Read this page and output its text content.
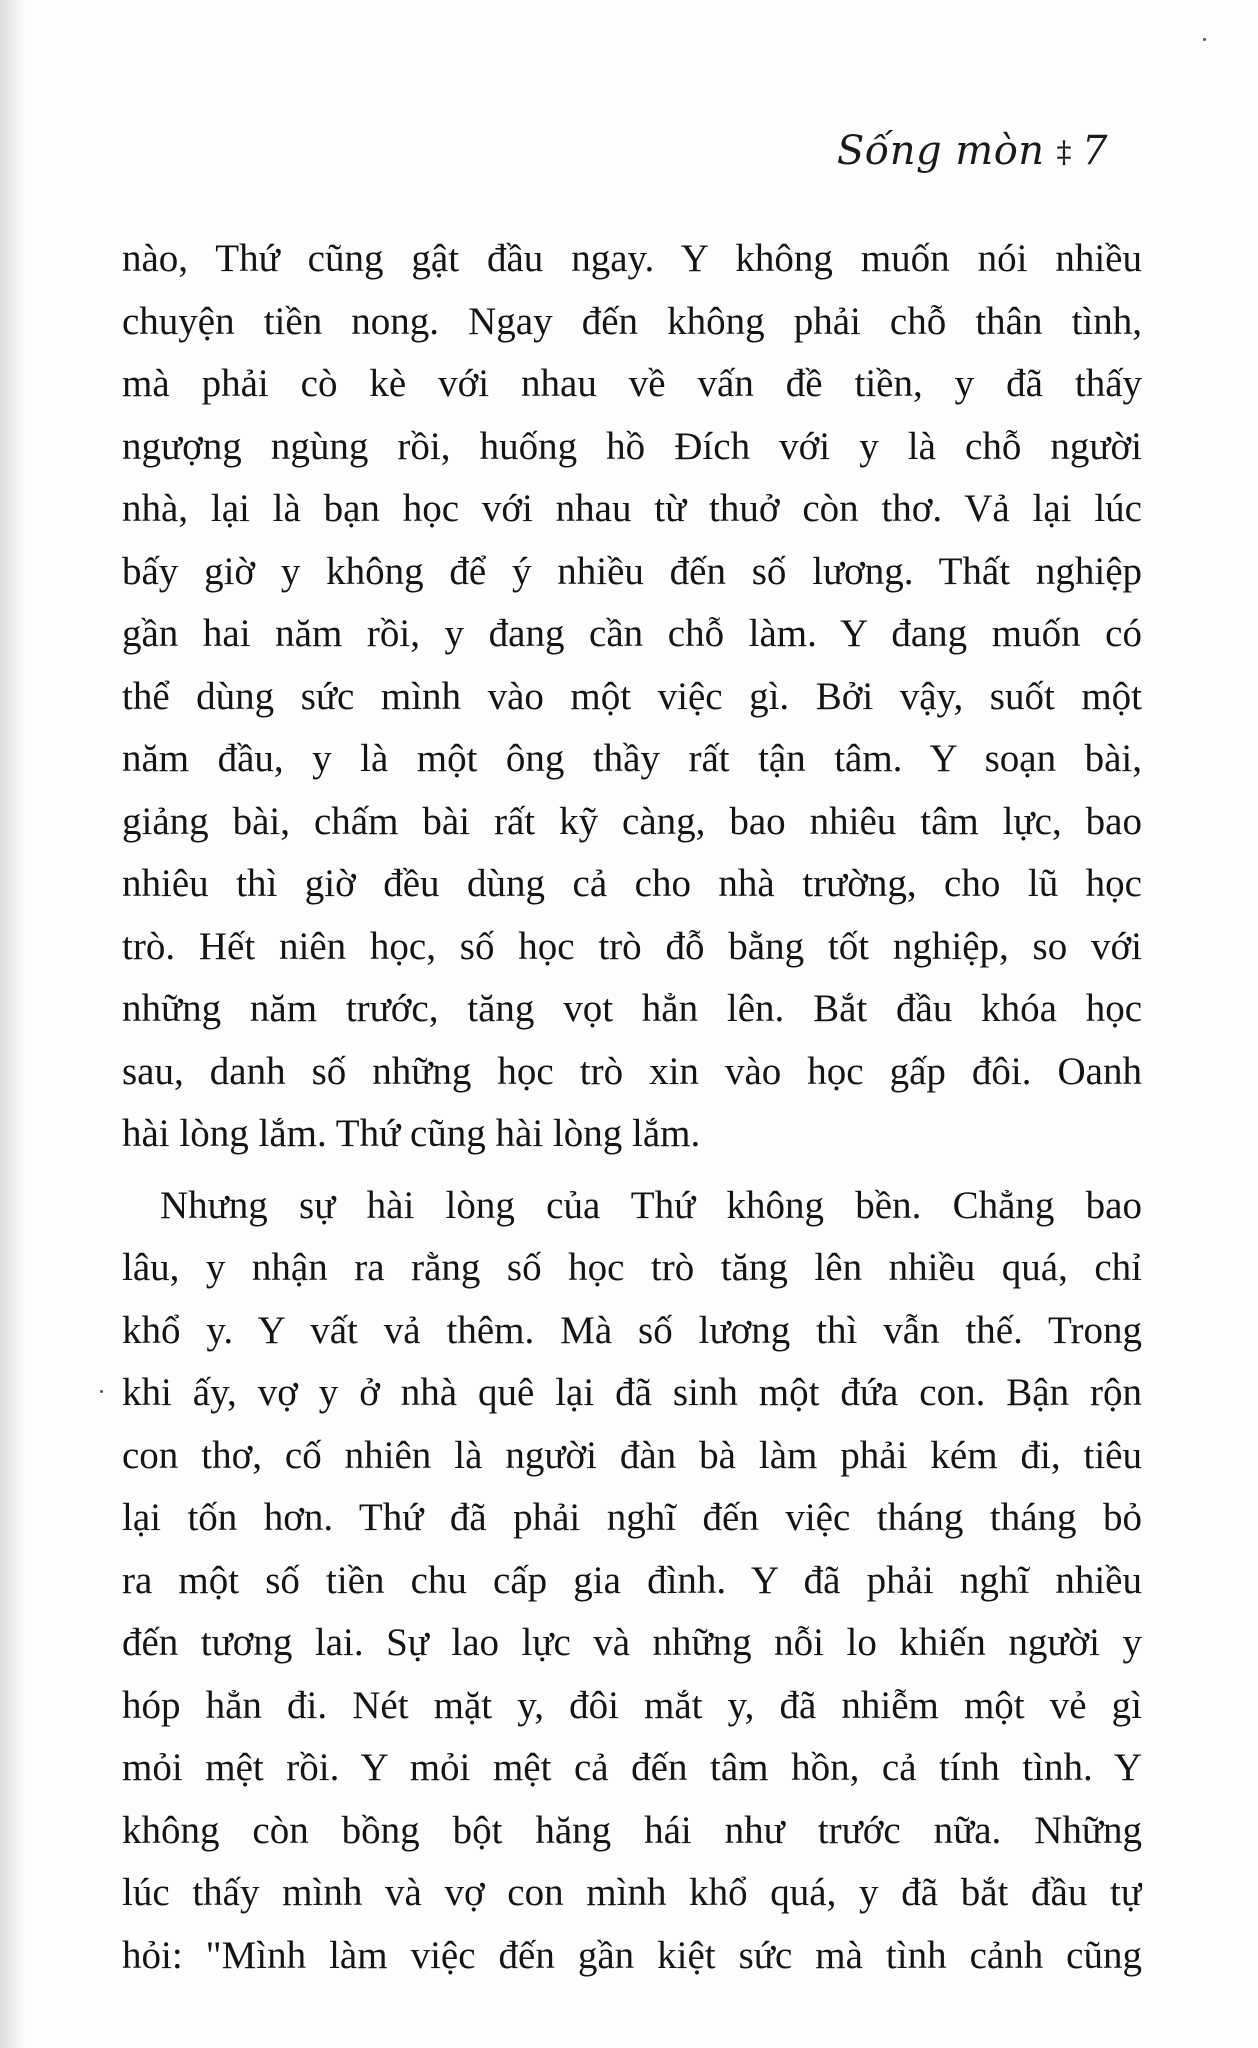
Sống mòn ‡ 7
nào, Thứ cũng gật đầu ngay. Y không muốn nói nhiều
chuyện tiền nong. Ngay đến không phải chỗ thân tình,
mà phải cò kè với nhau về vấn đề tiền, y đã thấy
ngượng ngùng rồi, huống hồ Đích với y là chỗ người
nhà, lại là bạn học với nhau từ thuở còn thơ. Vả lại lúc
bấy giờ y không để ý nhiều đến số lương. Thất nghiệp
gần hai năm rồi, y đang cần chỗ làm. Y đang muốn có
thể dùng sức mình vào một việc gì. Bởi vậy, suốt một
năm đầu, y là một ông thầy rất tận tâm. Y soạn bài,
giảng bài, chấm bài rất kỹ càng, bao nhiêu tâm lực, bao
nhiêu thì giờ đều dùng cả cho nhà trường, cho lũ học
trò. Hết niên học, số học trò đỗ bằng tốt nghiệp, so với
những năm trước, tăng vọt hẳn lên. Bắt đầu khóa học
sau, danh số những học trò xin vào học gấp đôi. Oanh
hài lòng lắm. Thứ cũng hài lòng lắm.
Nhưng sự hài lòng của Thứ không bền. Chẳng bao
lâu, y nhận ra rằng số học trò tăng lên nhiều quá, chỉ
khổ y. Y vất vả thêm. Mà số lương thì vẫn thế. Trong
khi ấy, vợ y ở nhà quê lại đã sinh một đứa con. Bận rộn
con thơ, cố nhiên là người đàn bà làm phải kém đi, tiêu
lại tốn hơn. Thứ đã phải nghĩ đến việc tháng tháng bỏ
ra một số tiền chu cấp gia đình. Y đã phải nghĩ nhiều
đến tương lai. Sự lao lực và những nỗi lo khiến người y
hóp hẳn đi. Nét mặt y, đôi mắt y, đã nhiễm một vẻ gì
mỏi mệt rồi. Y mỏi mệt cả đến tâm hồn, cả tính tình. Y
không còn bồng bột hăng hái như trước nữa. Những
lúc thấy mình và vợ con mình khổ quá, y đã bắt đầu tự
hỏi: "Mình làm việc đến gần kiệt sức mà tình cảnh cũng
